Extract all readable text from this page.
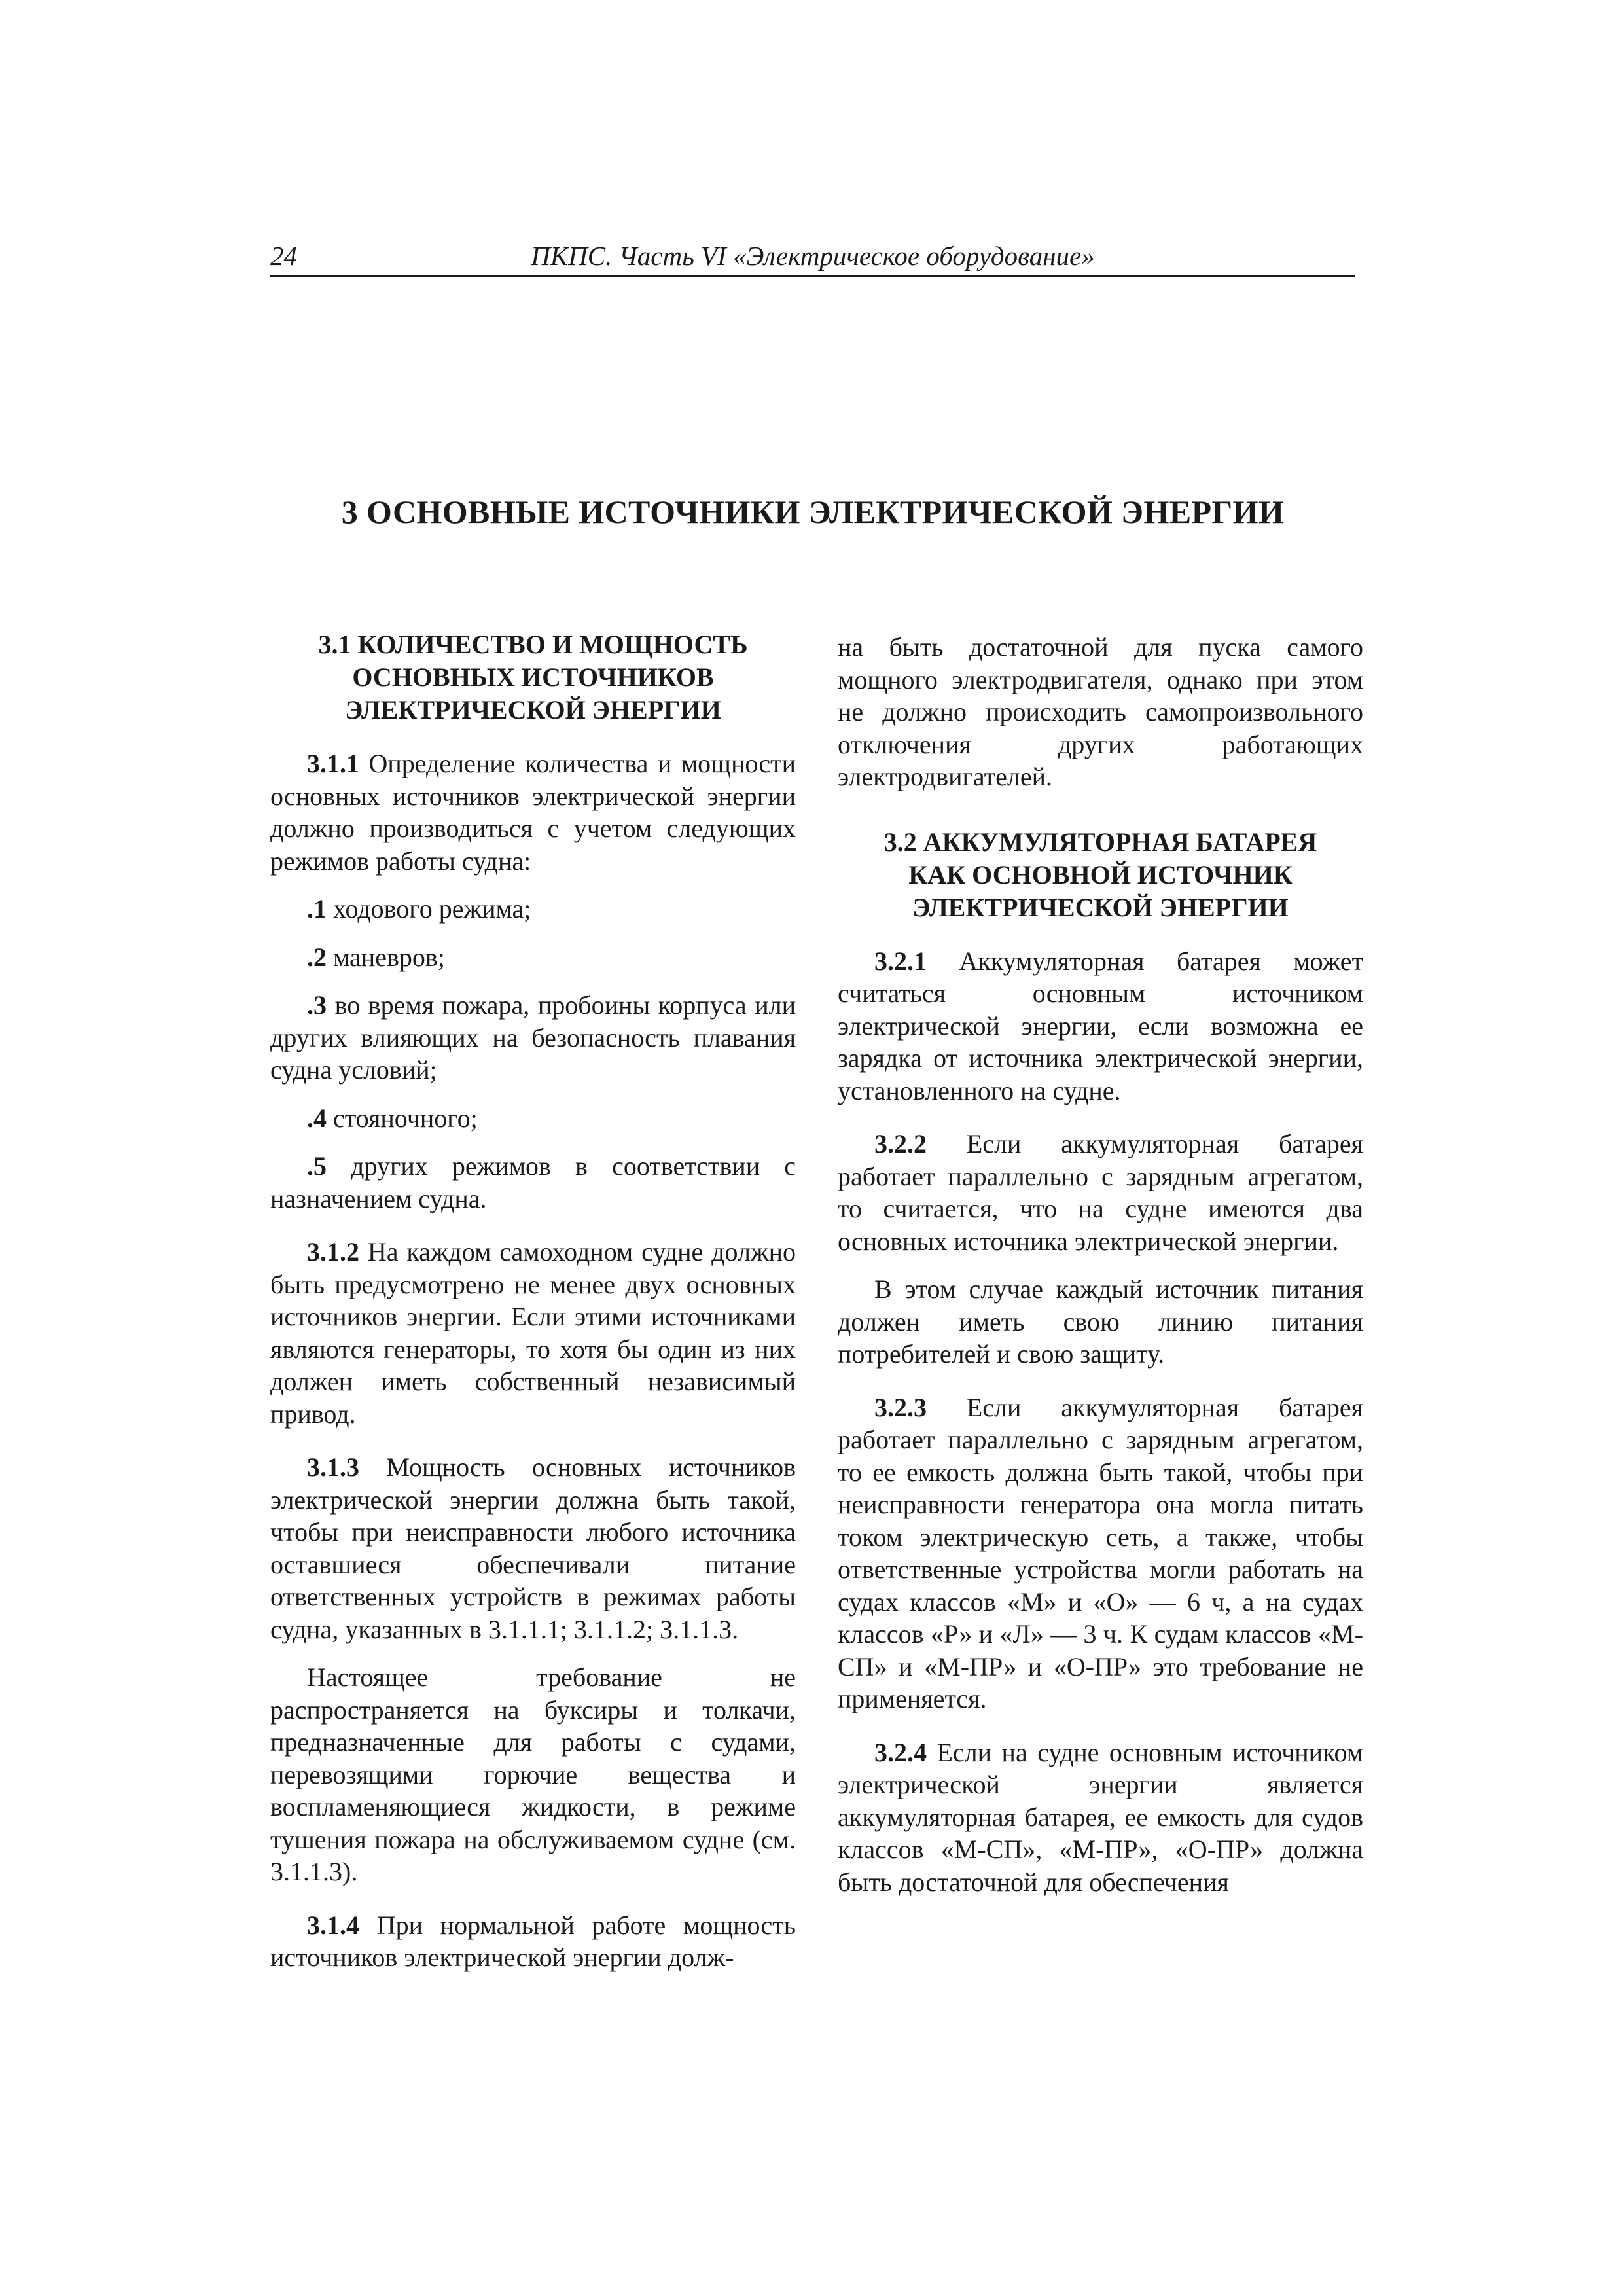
24	ПКПС. Часть VI «Электрическое оборудование»
3 ОСНОВНЫЕ ИСТОЧНИКИ ЭЛЕКТРИЧЕСКОЙ ЭНЕРГИИ
3.1 КОЛИЧЕСТВО И МОЩНОСТЬ
ОСНОВНЫХ ИСТОЧНИКОВ
ЭЛЕКТРИЧЕСКОЙ ЭНЕРГИИ

3.1.1 Определение количества и мощности основных источников электрической энергии должно производиться с учетом следующих режимов работы судна:

.1 ходового режима;

.2 маневров;

.3 во время пожара, пробоины корпуса или других влияющих на безопасность плавания судна условий;

.4 стояночного;

.5 других режимов в соответствии с назначением судна.

3.1.2 На каждом самоходном судне должно быть предусмотрено не менее двух основных источников энергии. Если этими источниками являются генераторы, то хотя бы один из них должен иметь собственный независимый привод.

3.1.3 Мощность основных источников электрической энергии должна быть такой, чтобы при неисправности любого источника оставшиеся обеспечивали питание ответственных устройств в режимах работы судна, указанных в 3.1.1.1; 3.1.1.2; 3.1.1.3.

Настоящее требование не распространяется на буксиры и толкачи, предназначенные для работы с судами, перевозящими горючие вещества и воспламеняющиеся жидкости, в режиме тушения пожара на обслуживаемом судне (см. 3.1.1.3).

3.1.4 При нормальной работе мощность источников электрической энергии долж-

на быть достаточной для пуска самого мощного электродвигателя, однако при этом не должно происходить самопроизвольного отключения других работающих электродвигателей.

3.2 АККУМУЛЯТОРНАЯ БАТАРЕЯ
КАК ОСНОВНОЙ ИСТОЧНИК
ЭЛЕКТРИЧЕСКОЙ ЭНЕРГИИ

3.2.1 Аккумуляторная батарея может считаться основным источником электрической энергии, если возможна ее зарядка от источника электрической энергии, установленного на судне.

3.2.2 Если аккумуляторная батарея работает параллельно с зарядным агрегатом, то считается, что на судне имеются два основных источника электрической энергии.

В этом случае каждый источник питания должен иметь свою линию питания потребителей и свою защиту.

3.2.3 Если аккумуляторная батарея работает параллельно с зарядным агрегатом, то ее емкость должна быть такой, чтобы при неисправности генератора она могла питать током электрическую сеть, а также, чтобы ответственные устройства могли работать на судах классов «М» и «О» — 6 ч, а на судах классов «Р» и «Л» — 3 ч. К судам классов «М-СП» и «М-ПР» и «О-ПР» это требование не применяется.

3.2.4 Если на судне основным источником электрической энергии является аккумуляторная батарея, ее емкость для судов классов «М-СП», «М-ПР», «О-ПР» должна быть достаточной для обеспечения
